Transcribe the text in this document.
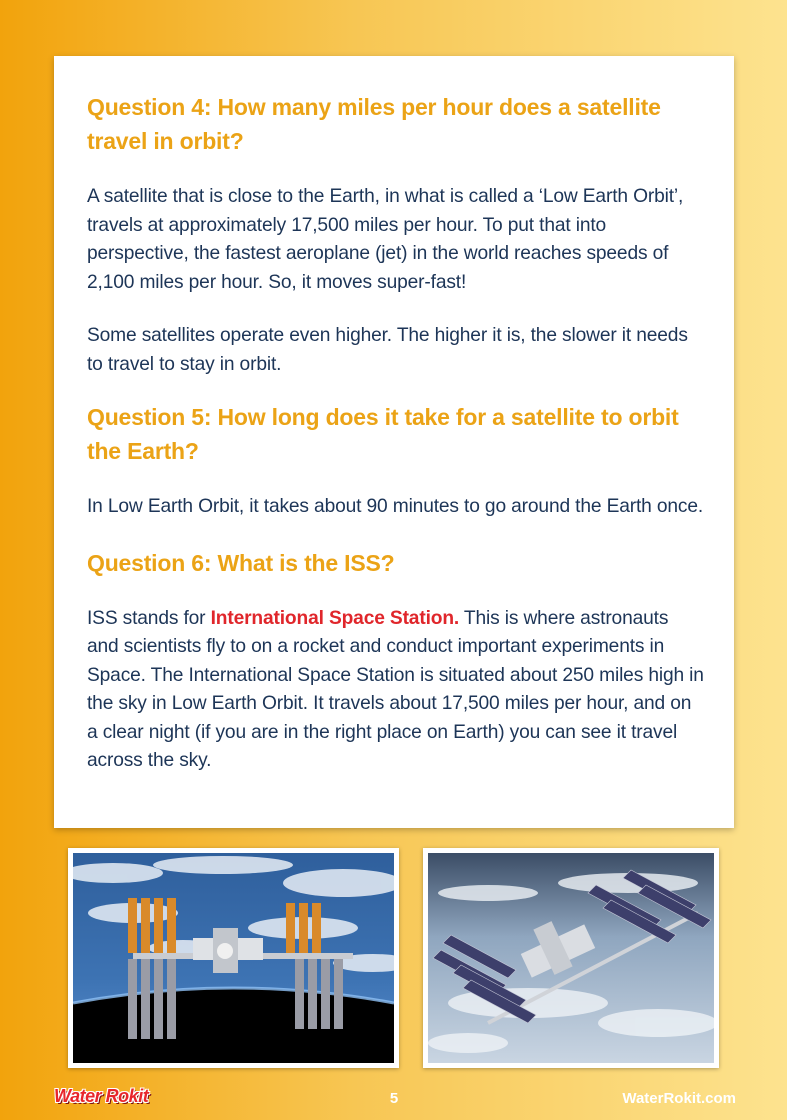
Question 4: How many miles per hour does a satellite travel in orbit?

A satellite that is close to the Earth, in what is called a ‘Low Earth Orbit’, travels at approximately 17,500 miles per hour. To put that into perspective, the fastest aeroplane (jet) in the world reaches speeds of 2,100 miles per hour. So, it moves super-fast!

Some satellites operate even higher. The higher it is, the slower it needs to travel to stay in orbit.

Question 5: How long does it take for a satellite to orbit the Earth?

In Low Earth Orbit, it takes about 90 minutes to go around the Earth once.

Question 6: What is the ISS?

ISS stands for International Space Station. This is where astronauts and scientists fly to on a rocket and conduct important experiments in Space. The International Space Station is situated about 250 miles high in the sky in Low Earth Orbit. It travels about 17,500 miles per hour, and on a clear night (if you are in the right place on Earth) you can see it travel across the sky.

Water Rokit	5	WaterRokit.com
